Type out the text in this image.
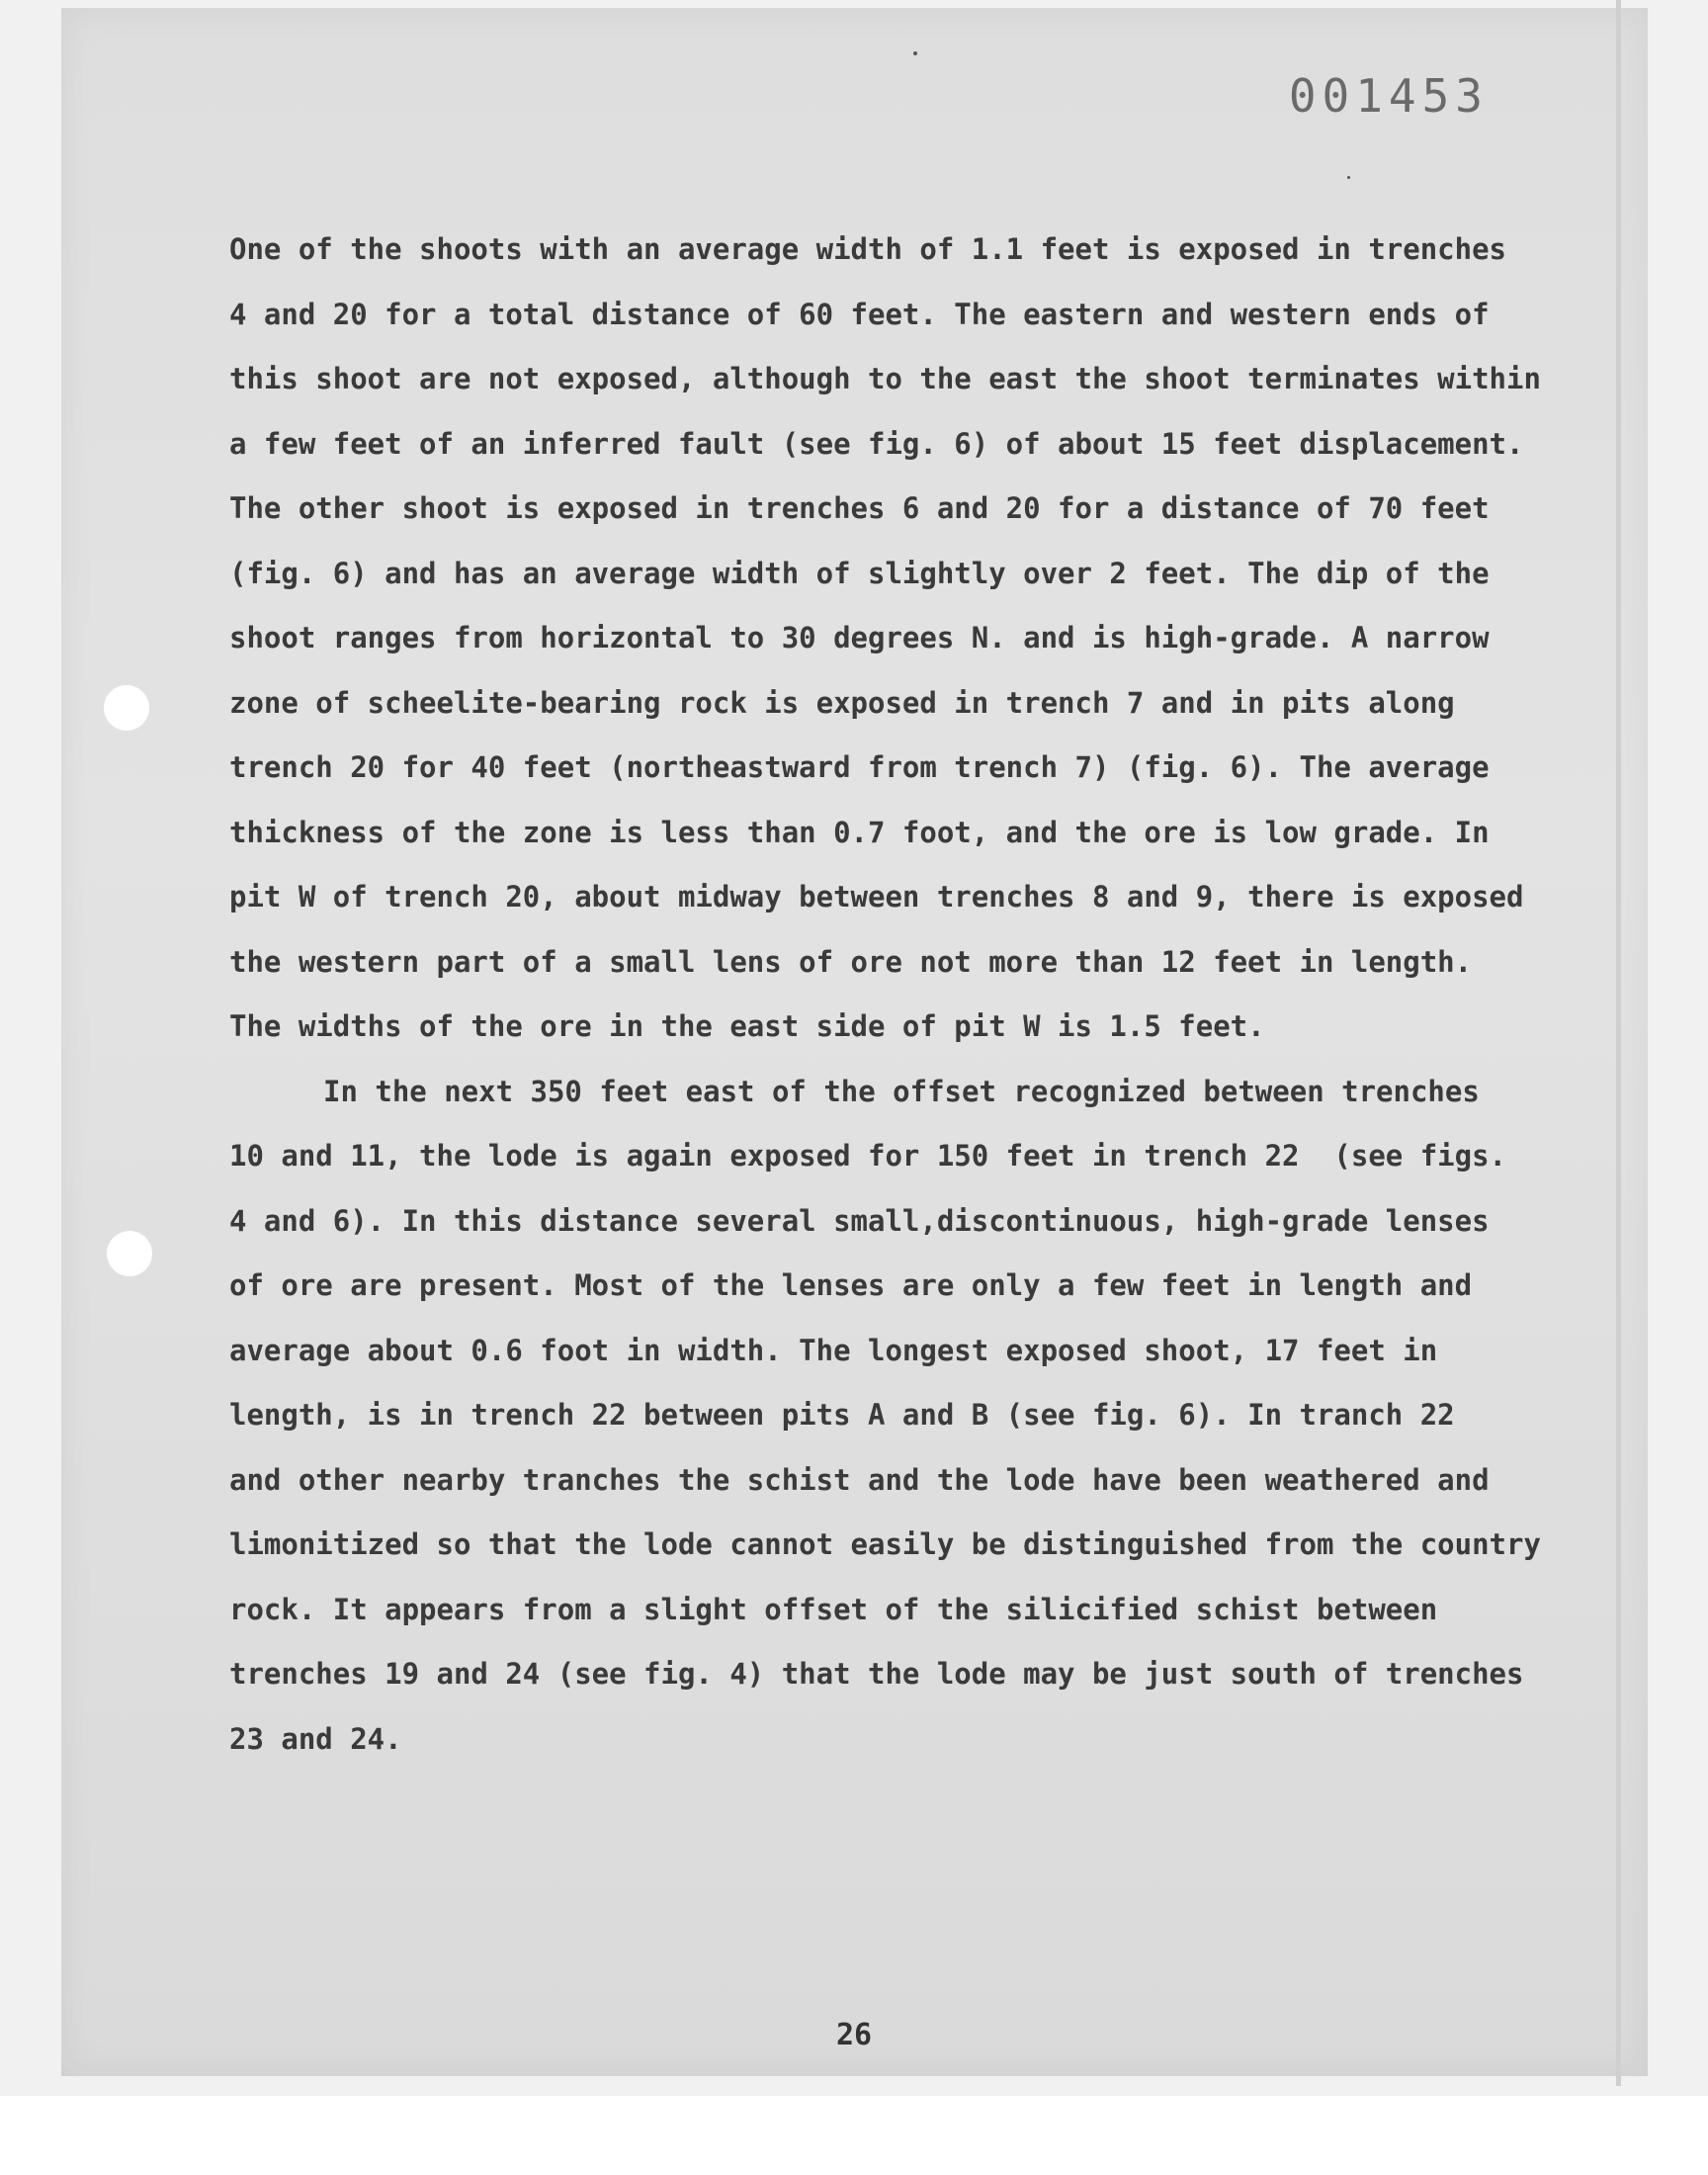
001453
One of the shoots with an average width of 1.1 feet is exposed in trenches
4 and 20 for a total distance of 60 feet. The eastern and western ends of
this shoot are not exposed, although to the east the shoot terminates within
a few feet of an inferred fault (see fig. 6) of about 15 feet displacement.
The other shoot is exposed in trenches 6 and 20 for a distance of 70 feet
(fig. 6) and has an average width of slightly over 2 feet. The dip of the
shoot ranges from horizontal to 30 degrees N. and is high-grade. A narrow
zone of scheelite-bearing rock is exposed in trench 7 and in pits along
trench 20 for 40 feet (northeastward from trench 7) (fig. 6). The average
thickness of the zone is less than 0.7 foot, and the ore is low grade. In
pit W of trench 20, about midway between trenches 8 and 9, there is exposed
the western part of a small lens of ore not more than 12 feet in length.
The widths of the ore in the east side of pit W is 1.5 feet.
In the next 350 feet east of the offset recognized between trenches
10 and 11, the lode is again exposed for 150 feet in trench 22  (see figs.
4 and 6). In this distance several small,discontinuous, high-grade lenses
of ore are present. Most of the lenses are only a few feet in length and
average about 0.6 foot in width. The longest exposed shoot, 17 feet in
length, is in trench 22 between pits A and B (see fig. 6). In tranch 22
and other nearby tranches the schist and the lode have been weathered and
limonitized so that the lode cannot easily be distinguished from the country
rock. It appears from a slight offset of the silicified schist between
trenches 19 and 24 (see fig. 4) that the lode may be just south of trenches
23 and 24.
26
